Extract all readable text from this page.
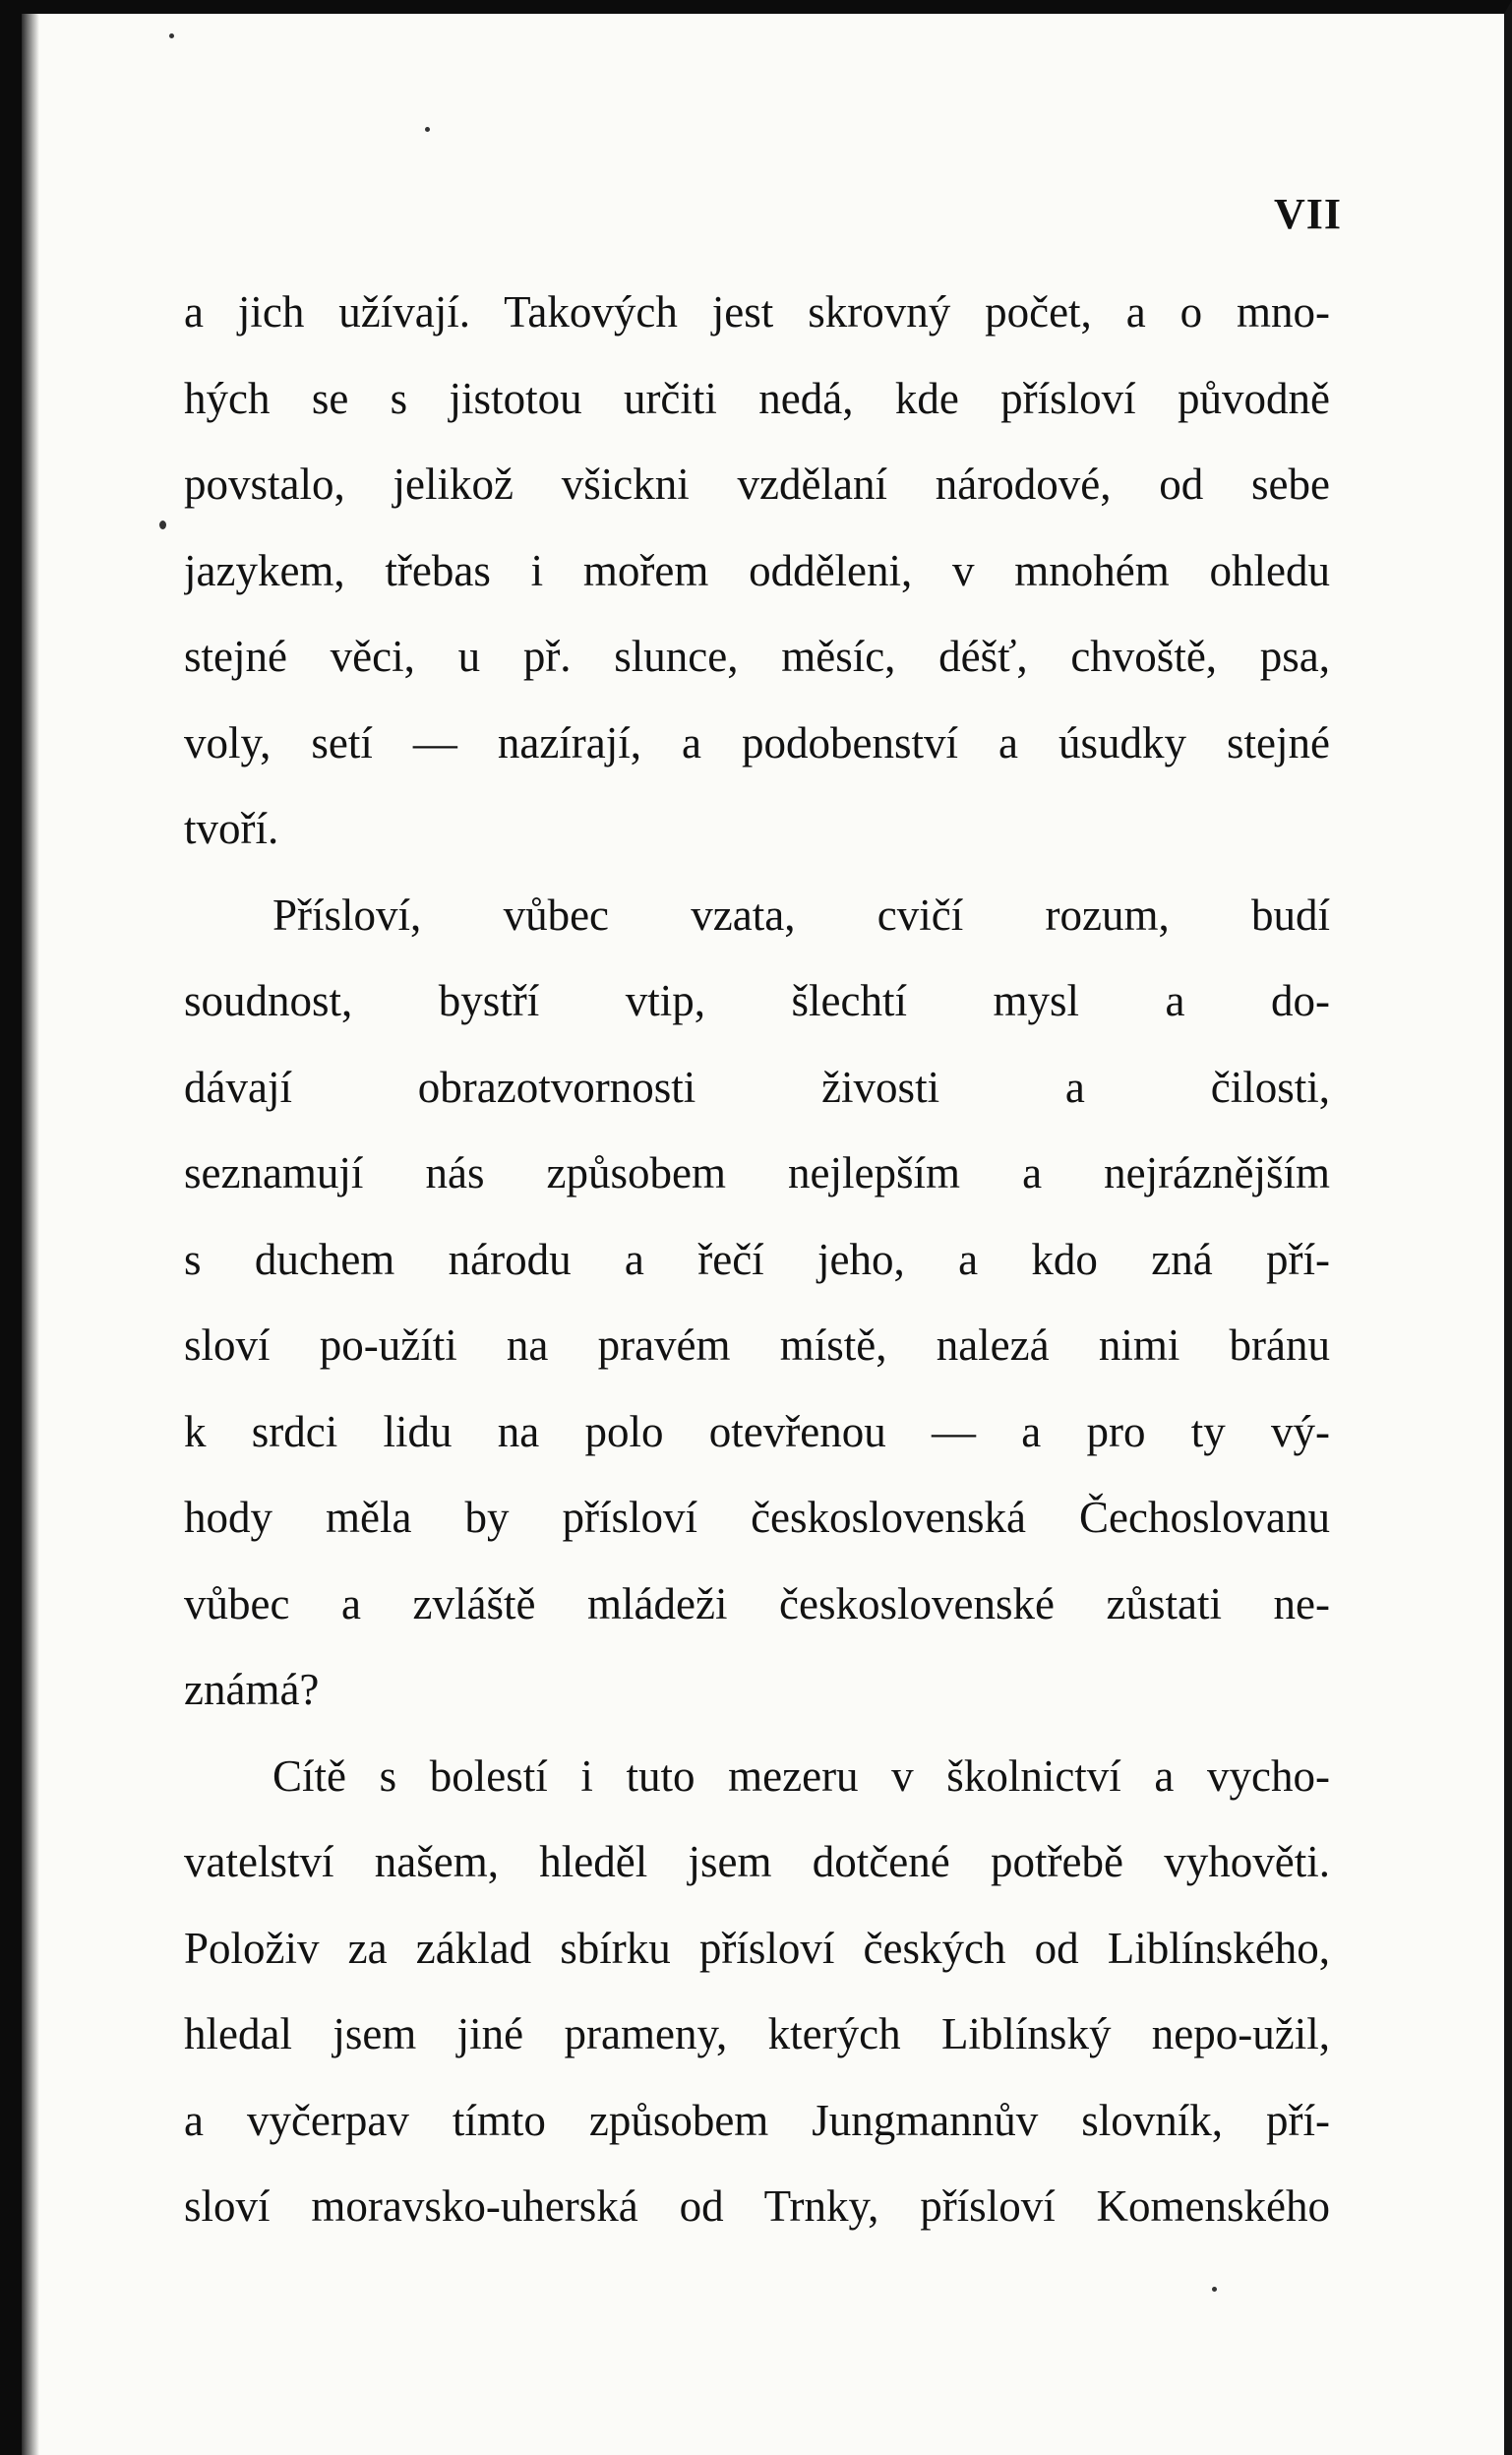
VII
a jich užívají. Takových jest skrovný počet, a o mno-
hých se s jistotou určiti nedá, kde přísloví původně
povstalo, jelikož všickni vzdělaní národové, od sebe
jazykem, třebas i mořem odděleni, v mnohém ohledu
stejné věci, u př. slunce, měsíc, déšť, chvoště, psa,
voly, setí — nazírají, a podobenství a úsudky stejné
tvoří.
Přísloví, vůbec vzata, cvičí rozum, budí
soudnost, bystří vtip, šlechtí mysl a do-
dávají obrazotvornosti živosti a čilosti,
seznamují nás způsobem nejlepším a nejráznějším
s duchem národu a řečí jeho, a kdo zná pří-
sloví po-užíti na pravém místě, nalezá nimi bránu
k srdci lidu na polo otevřenou — a pro ty vý-
hody měla by přísloví československá Čechoslovanu
vůbec a zvláště mládeži československé zůstati ne-
známá?
Cítě s bolestí i tuto mezeru v školnictví a vycho-
vatelství našem, hleděl jsem dotčené potřebě vyhověti.
Položiv za základ sbírku přísloví českých od Liblínského,
hledal jsem jiné prameny, kterých Liblínský nepo-užil,
a vyčerpav tímto způsobem Jungmannův slovník, pří-
sloví moravsko-uherská od Trnky, přísloví Komenského
